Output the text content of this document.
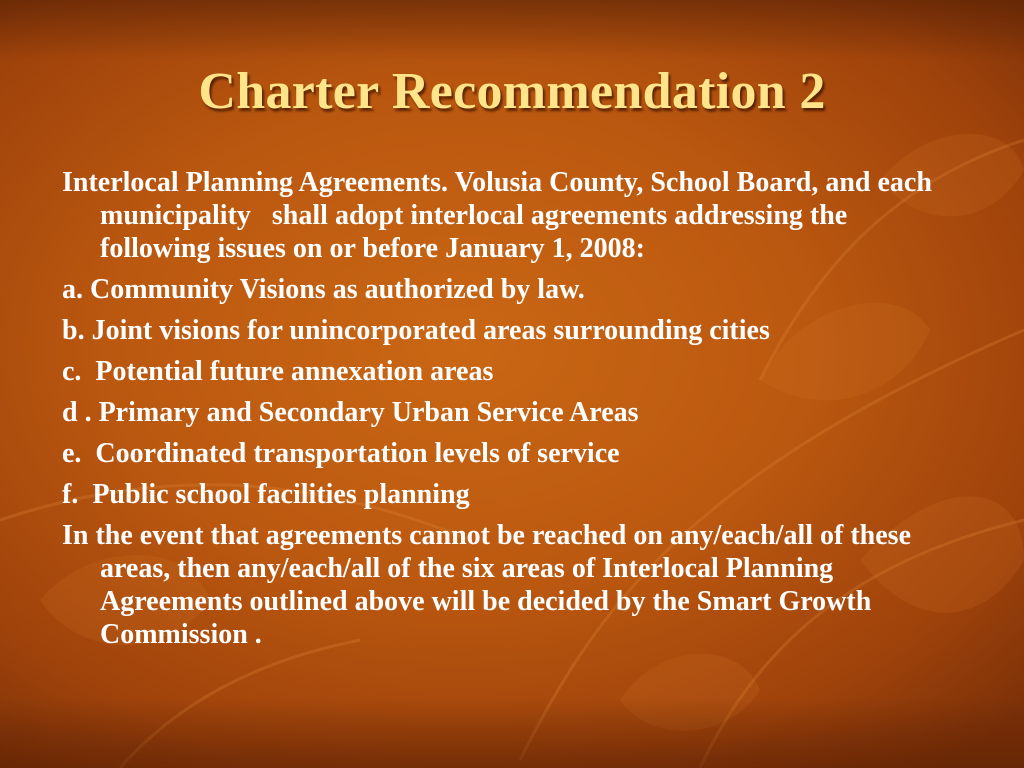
Charter Recommendation 2
Interlocal Planning Agreements. Volusia County, School Board, and each municipality   shall adopt interlocal agreements addressing the following issues on or before January 1, 2008:
a. Community Visions as authorized by law.
b. Joint visions for unincorporated areas surrounding cities
c.  Potential future annexation areas
d . Primary and Secondary Urban Service Areas
e.  Coordinated transportation levels of service
f.  Public school facilities planning
In the event that agreements cannot be reached on any/each/all of these areas, then any/each/all of the six areas of Interlocal Planning Agreements outlined above will be decided by the Smart Growth Commission .
